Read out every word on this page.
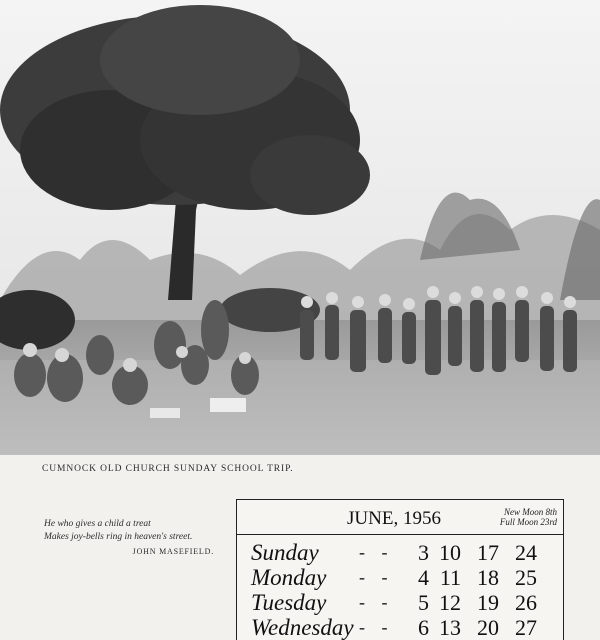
CUMNOCK OLD CHURCH SUNDAY SCHOOL TRIP.
He who gives a child a treat
Makes joy-bells ring in heaven's street.
JOHN MASEFIELD.
JUNE, 1956	New Moon 8th
Full Moon 23rd
Sunday - -	3 10 17 24
Monday - -	4 11 18 25
Tuesday - -	5 12 19 26
Wednesday - -	6 13 20 27
